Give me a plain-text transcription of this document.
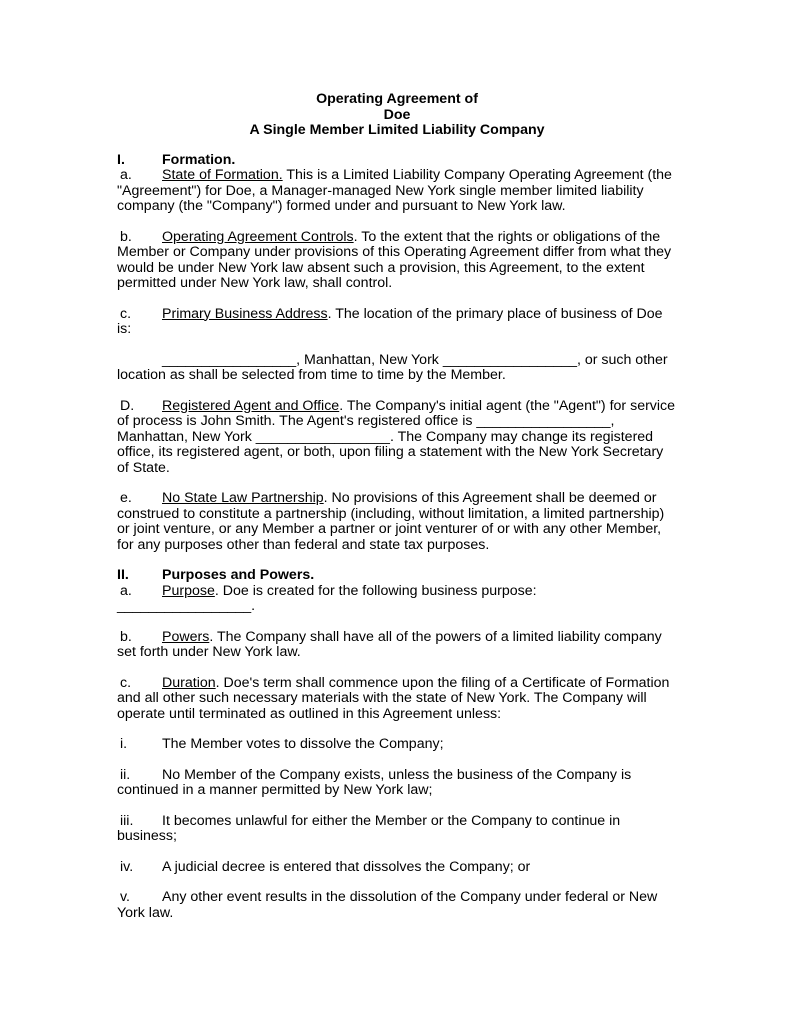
Operating Agreement of
Doe
A Single Member Limited Liability Company
I.	Formation.
a. State of Formation. This is a Limited Liability Company Operating Agreement (the "Agreement") for Doe, a Manager-managed New York single member limited liability company (the "Company") formed under and pursuant to New York law.
b. Operating Agreement Controls. To the extent that the rights or obligations of the Member or Company under provisions of this Operating Agreement differ from what they would be under New York law absent such a provision, this Agreement, to the extent permitted under New York law, shall control.
c. Primary Business Address. The location of the primary place of business of Doe is:
_________________, Manhattan, New York _________________, or such other location as shall be selected from time to time by the Member.
D. Registered Agent and Office. The Company's initial agent (the "Agent") for service of process is John Smith. The Agent's registered office is _________________, Manhattan, New York _________________. The Company may change its registered office, its registered agent, or both, upon filing a statement with the New York Secretary of State.
e. No State Law Partnership. No provisions of this Agreement shall be deemed or construed to constitute a partnership (including, without limitation, a limited partnership) or joint venture, or any Member a partner or joint venturer of or with any other Member, for any purposes other than federal and state tax purposes.
II. Purposes and Powers.
a. Purpose. Doe is created for the following business purpose: _________________.
b. Powers. The Company shall have all of the powers of a limited liability company set forth under New York law.
c. Duration. Doe's term shall commence upon the filing of a Certificate of Formation and all other such necessary materials with the state of New York. The Company will operate until terminated as outlined in this Agreement unless:
i. The Member votes to dissolve the Company;
ii. No Member of the Company exists, unless the business of the Company is continued in a manner permitted by New York law;
iii. It becomes unlawful for either the Member or the Company to continue in business;
iv. A judicial decree is entered that dissolves the Company; or
v. Any other event results in the dissolution of the Company under federal or New York law.
